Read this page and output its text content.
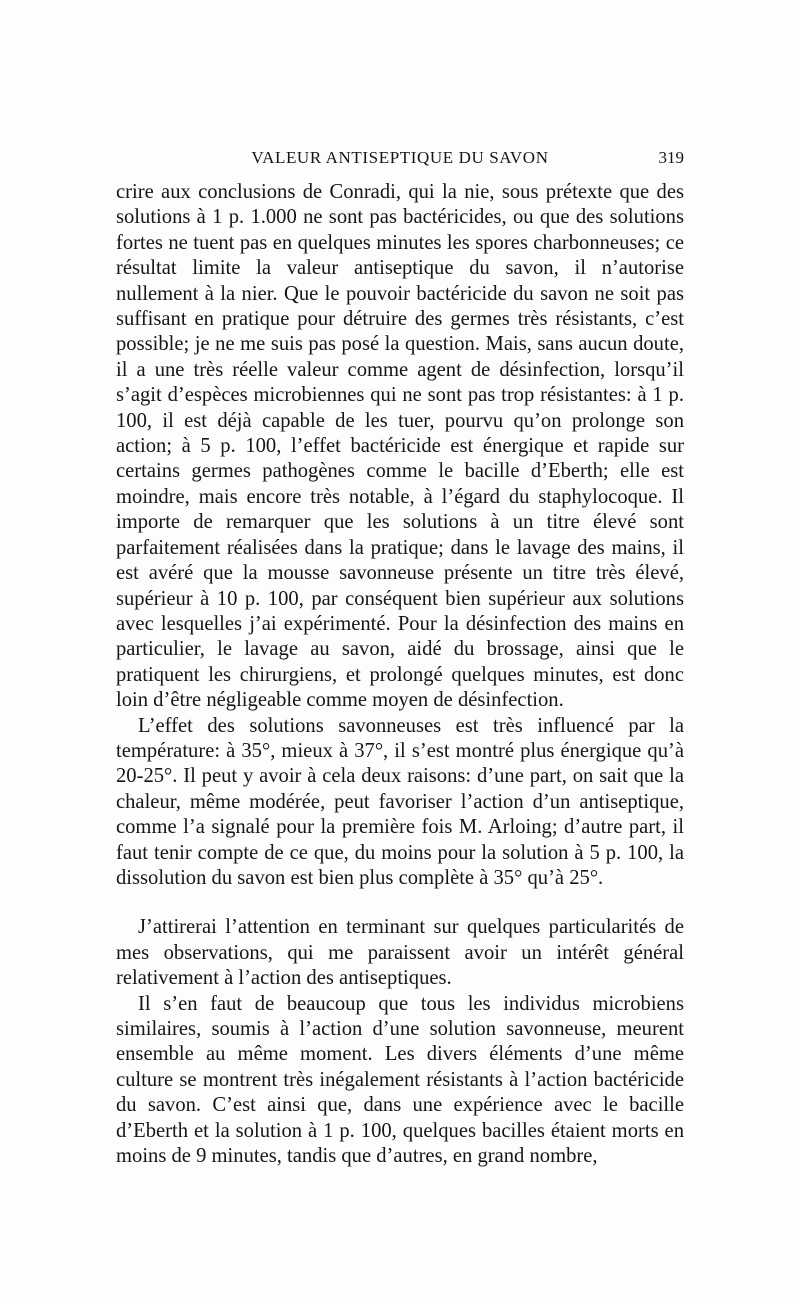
VALEUR ANTISEPTIQUE DU SAVON	319

crire aux conclusions de Conradi, qui la nie, sous prétexte que des solutions à 1 p. 1.000 ne sont pas bactéricides, ou que des solutions fortes ne tuent pas en quelques minutes les spores charbonneuses; ce résultat limite la valeur antiseptique du savon, il n’autorise nullement à la nier. Que le pouvoir bactéricide du savon ne soit pas suffisant en pratique pour détruire des germes très résistants, c’est possible; je ne me suis pas posé la question. Mais, sans aucun doute, il a une très réelle valeur comme agent de désinfection, lorsqu’il s’agit d’espèces microbiennes qui ne sont pas trop résistantes: à 1 p. 100, il est déjà capable de les tuer, pourvu qu’on prolonge son action; à 5 p. 100, l’effet bactéricide est énergique et rapide sur certains germes pathogènes comme le bacille d’Eberth; elle est moindre, mais encore très notable, à l’égard du staphylocoque. Il importe de remarquer que les solutions à un titre élevé sont parfaitement réalisées dans la pratique; dans le lavage des mains, il est avéré que la mousse savonneuse présente un titre très élevé, supérieur à 10 p. 100, par conséquent bien supérieur aux solutions avec lesquelles j’ai expérimenté. Pour la désinfection des mains en particulier, le lavage au savon, aidé du brossage, ainsi que le pratiquent les chirurgiens, et prolongé quelques minutes, est donc loin d’être négligeable comme moyen de désinfection.

L’effet des solutions savonneuses est très influencé par la température: à 35°, mieux à 37°, il s’est montré plus énergique qu’à 20-25°. Il peut y avoir à cela deux raisons: d’une part, on sait que la chaleur, même modérée, peut favoriser l’action d’un antiseptique, comme l’a signalé pour la première fois M. Arloing; d’autre part, il faut tenir compte de ce que, du moins pour la solution à 5 p. 100, la dissolution du savon est bien plus complète à 35° qu’à 25°.

J’attirerai l’attention en terminant sur quelques particularités de mes observations, qui me paraissent avoir un intérêt général relativement à l’action des antiseptiques.

Il s’en faut de beaucoup que tous les individus microbiens similaires, soumis à l’action d’une solution savonneuse, meurent ensemble au même moment. Les divers éléments d’une même culture se montrent très inégalement résistants à l’action bactéricide du savon. C’est ainsi que, dans une expérience avec le bacille d’Eberth et la solution à 1 p. 100, quelques bacilles étaient morts en moins de 9 minutes, tandis que d’autres, en grand nombre,
